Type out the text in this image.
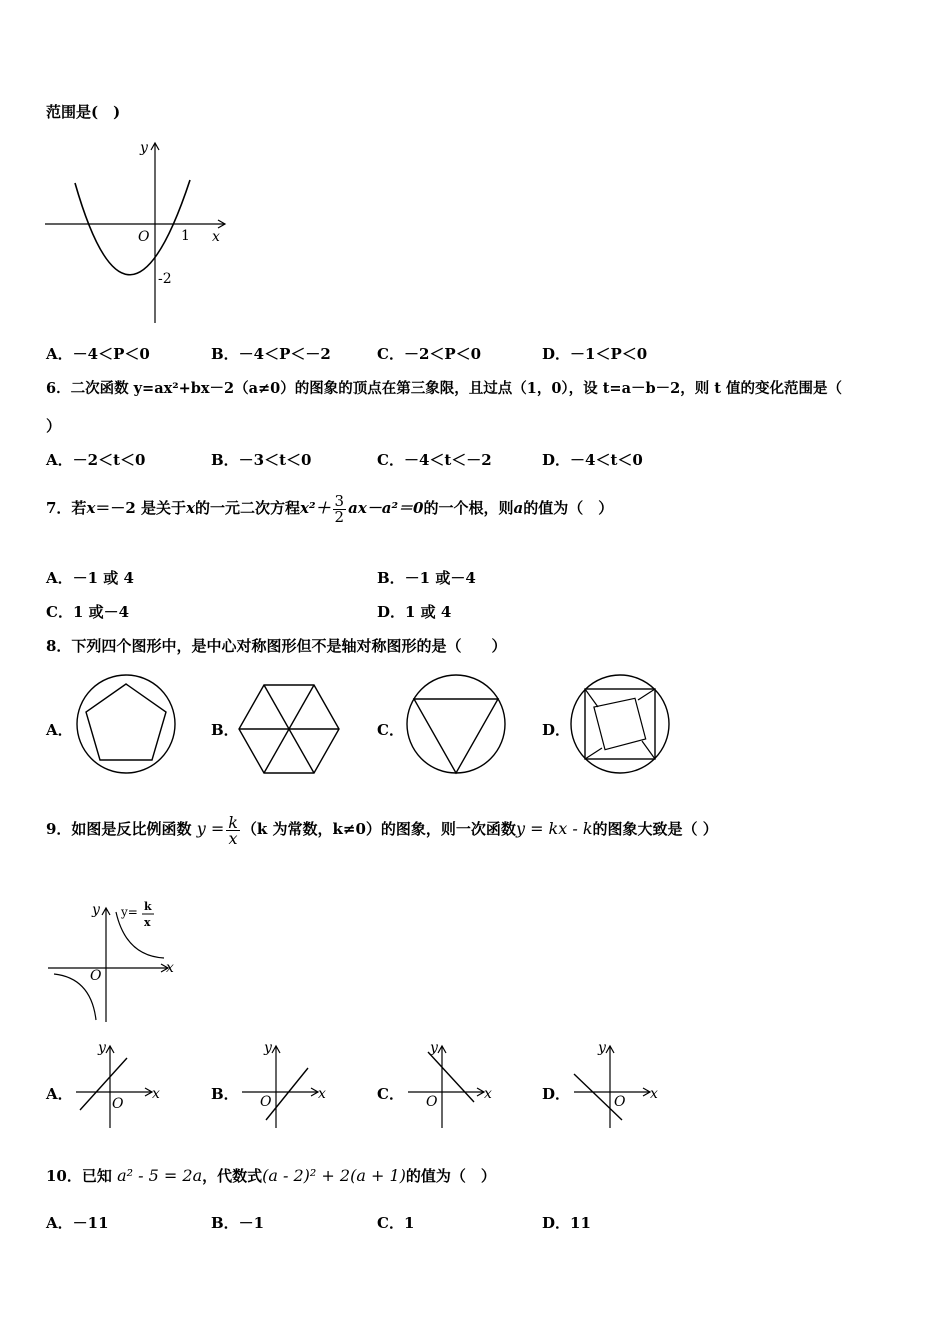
范围是(　)
y
x
O 1
-2
A．－4＜P＜0	B．－4＜P＜－2	C．－2＜P＜0	D．－1＜P＜0
6．二次函数 y=ax²+bx－2（a≠0）的图象的顶点在第三象限，且过点（1，0），设 t=a－b－2，则 t 值的变化范围是（
）
A．－2＜t＜0	B．－3＜t＜0	C．－4＜t＜－2	D．－4＜t＜0
7．若x＝－2 是关于x的一元二次方程$x^2+ \frac{3}{2} ax-a^2=0$的一个根，则a的值为（　）
A．－1 或 4	B．－1 或－4
C．1 或－4	D．1 或 4
8．下列四个图形中，是中心对称图形但不是轴对称图形的是（　　）
A．	B．	C．	D．
9．如图是反比例函数 $y = \frac{k}{x} (k$ 为常数，k≠0）的图象，则一次函数y = kx - k的图象大致是（ ）
y
x
O
y= k
x
A．	B．	C．	D．
y
x
O
y
x
O
y
x
O
y
x
O
10．已知 a² - 5 = 2a，代数式(a - 2)² + 2(a + 1)的值为（　）
A．－11	B．－1	C．1	D．11
